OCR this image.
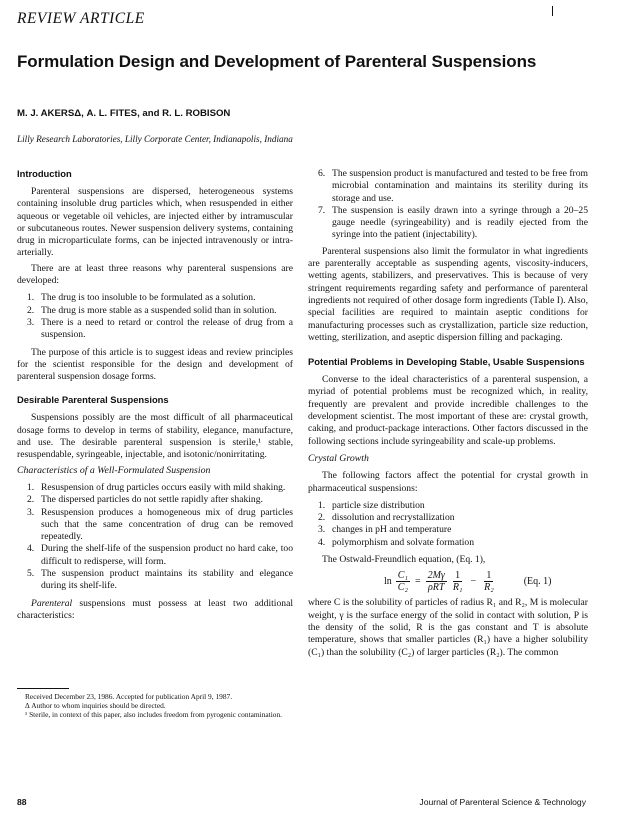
REVIEW ARTICLE
Formulation Design and Development of Parenteral Suspensions
M. J. AKERSΔ, A. L. FITES, and R. L. ROBISON
Lilly Research Laboratories, Lilly Corporate Center, Indianapolis, Indiana

Introduction

Parenteral suspensions are dispersed, heterogeneous systems containing insoluble drug particles which, when resuspended in either aqueous or vegetable oil vehicles, are injected either by intramuscular or subcutaneous routes. Newer suspension delivery systems, containing drug in microparticulate forms, can be injected intravenously or intra-arterially.

There are at least three reasons why parenteral suspensions are developed:

1. The drug is too insoluble to be formulated as a solution.
2. The drug is more stable as a suspended solid than in solution.
3. There is a need to retard or control the release of drug from a suspension.

The purpose of this article is to suggest ideas and review principles for the scientist responsible for the design and development of parenteral suspension dosage forms.

Desirable Parenteral Suspensions

Suspensions possibly are the most difficult of all pharmaceutical dosage forms to develop in terms of stability, elegance, manufacture, and use. The desirable parenteral suspension is sterile,¹ stable, resuspendable, syringeable, injectable, and isotonic/nonirritating.

Characteristics of a Well-Formulated Suspension

1. Resuspension of drug particles occurs easily with mild shaking.
2. The dispersed particles do not settle rapidly after shaking.
3. Resuspension produces a homogeneous mix of drug particles such that the same concentration of drug can be removed repeatedly.
4. During the shelf-life of the suspension product no hard cake, too difficult to redisperse, will form.
5. The suspension product maintains its stability and elegance during its shelf-life.

Parenteral suspensions must possess at least two additional characteristics:

Received December 23, 1986. Accepted for publication April 9, 1987.

Δ Author to whom inquiries should be directed.

¹ Sterile, in context of this paper, also includes freedom from pyrogenic contamination.

6. The suspension product is manufactured and tested to be free from microbial contamination and maintains its sterility during its storage and use.
7. The suspension is easily drawn into a syringe through a 20–25 gauge needle (syringeability) and is readily ejected from the syringe into the patient (injectability).

Parenteral suspensions also limit the formulator in what ingredients are parenterally acceptable as suspending agents, viscosity-inducers, wetting agents, stabilizers, and preservatives. This is because of very stringent requirements regarding safety and performance of parenteral ingredients not required of other dosage form ingredients (Table I). Also, special facilities are required to maintain aseptic conditions for manufacturing processes such as crystallization, particle size reduction, wetting, sterilization, and aseptic dispersion filling and packaging.

Potential Problems in Developing Stable, Usable Suspensions

Converse to the ideal characteristics of a parenteral suspension, a myriad of potential problems must be recognized which, in reality, frequently are prevalent and provide incredible challenges to the development scientist. The most important of these are: crystal growth, caking, and product-package interactions. Other factors discussed in the following sections include syringeability and scale-up problems.

Crystal Growth

The following factors affect the potential for crystal growth in pharmaceutical suspensions:

1. particle size distribution
2. dissolution and recrystallization
3. changes in pH and temperature
4. polymorphism and solvate formation

The Ostwald-Freundlich equation, (Eq. 1),

$\ln \frac{\text{C₁}}{\text{C₂}} = \frac{2M\gamma}{\text{ρRT}} \frac{1}{\text{R₁}} - \frac{1}{\text{R₂}}$	(Eq. 1)

where C is the solubility of particles of radius R₁ and R₂, M is molecular weight, γ is the surface energy of the solid in contact with solution, P is the density of the solid, R is the gas constant and T is absolute temperature, shows that smaller particles (R₁) have a higher solubility (C₁) than the solubility (C₂) of larger particles (R₂). The common

88	Journal of Parenteral Science & Technology
